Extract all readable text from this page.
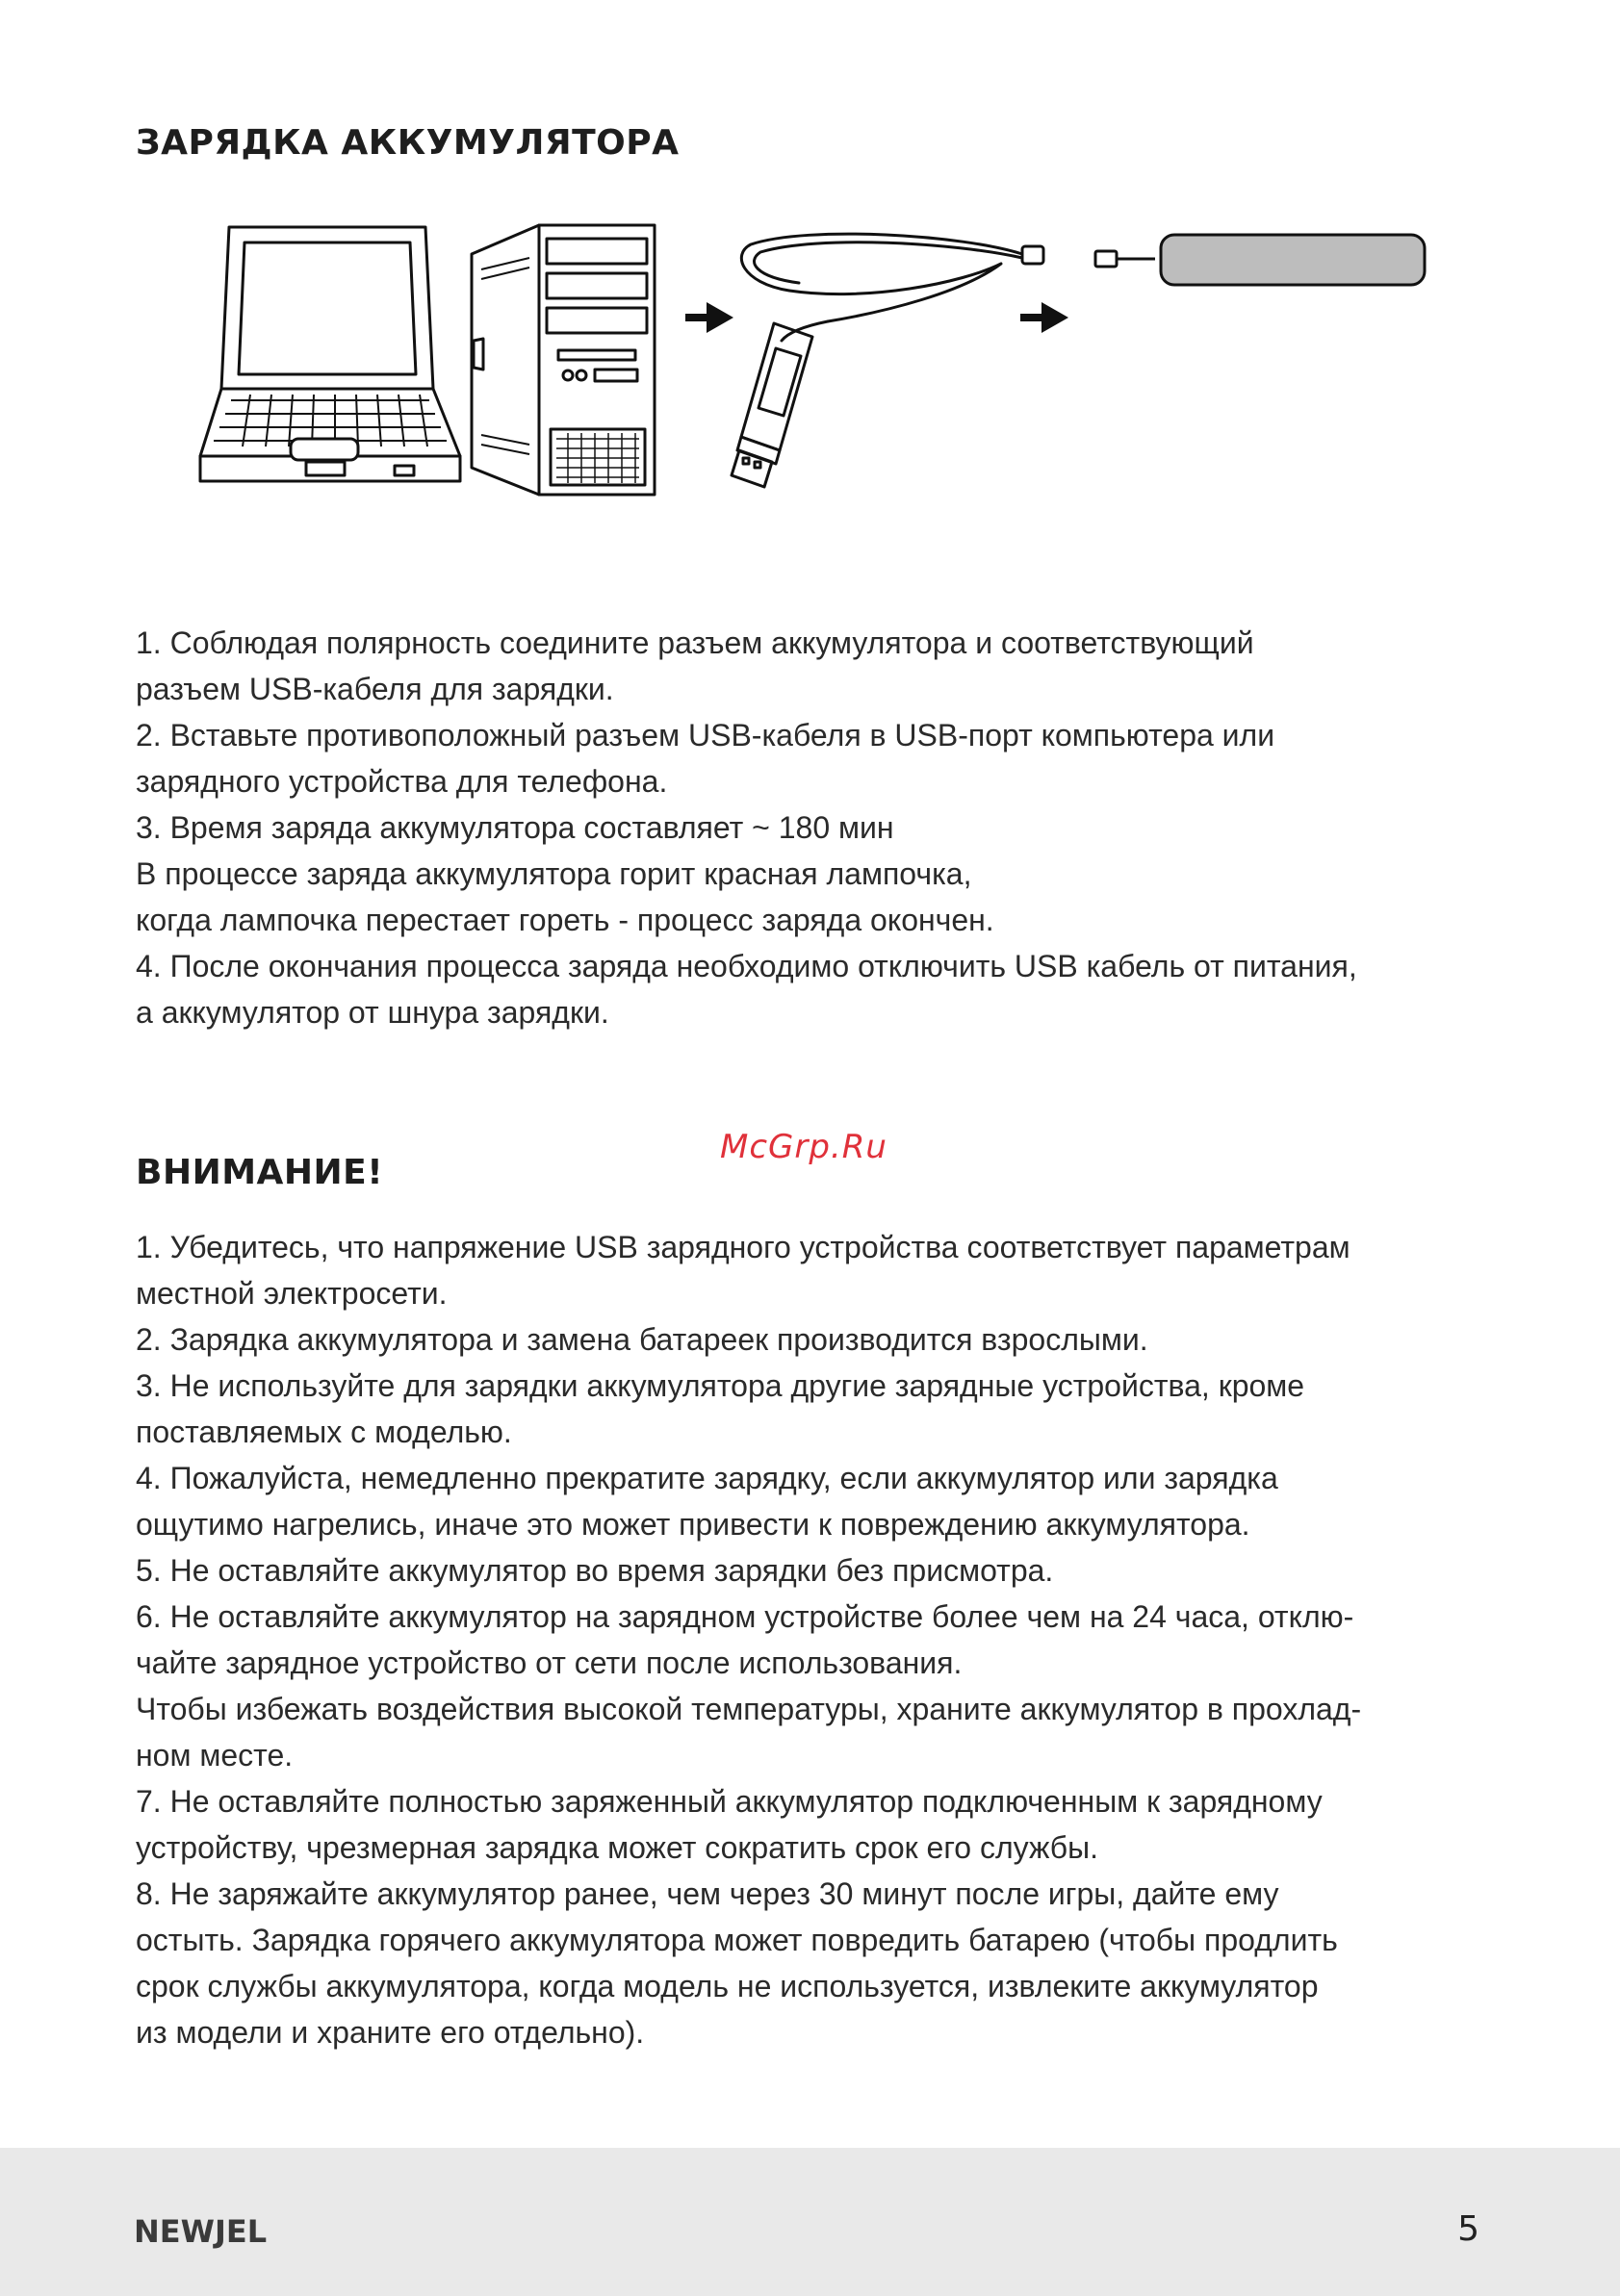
ЗАРЯДКА АККУМУЛЯТОРА

1. Соблюдая полярность соедините разъем аккумулятора и соответствующий

разъем USB-кабеля для зарядки.

2. Вставьте противоположный разъем USB-кабеля в USB-порт компьютера или

зарядного устройства для телефона.

3. Время заряда аккумулятора составляет ~ 180 мин

В процессе заряда аккумулятора горит красная лампочка,

когда лампочка перестает гореть - процесс заряда окончен.

4. После окончания процесса заряда необходимо отключить USB кабель от питания,

а аккумулятор от шнура зарядки.

McGrp.Ru
ВНИМАНИЕ!

1. Убедитесь, что напряжение USB зарядного устройства соответствует параметрам

местной электросети.

2. Зарядка аккумулятора и замена батареек производится взрослыми.

3. Не используйте для зарядки аккумулятора другие зарядные устройства, кроме

поставляемых с моделью.

4. Пожалуйста, немедленно прекратите зарядку, если аккумулятор или зарядка

ощутимо нагрелись, иначе это может привести к повреждению аккумулятора.

5. Не оставляйте аккумулятор во время зарядки без присмотра.

6. Не оставляйте аккумулятор на зарядном устройстве более чем на 24 часа, отклю-

чайте зарядное устройство от сети после использования.

Чтобы избежать воздействия высокой температуры, храните аккумулятор в прохлад-

ном месте.

7. Не оставляйте полностью заряженный аккумулятор подключенным к зарядному

устройству, чрезмерная зарядка может сократить срок его службы.

8. Не заряжайте аккумулятор ранее, чем через 30 минут после игры, дайте ему

остыть. Зарядка горячего аккумулятора может повредить батарею (чтобы продлить

срок службы аккумулятора, когда модель не используется, извлеките аккумулятор

из модели и храните его отдельно).

NEWJEL	5
